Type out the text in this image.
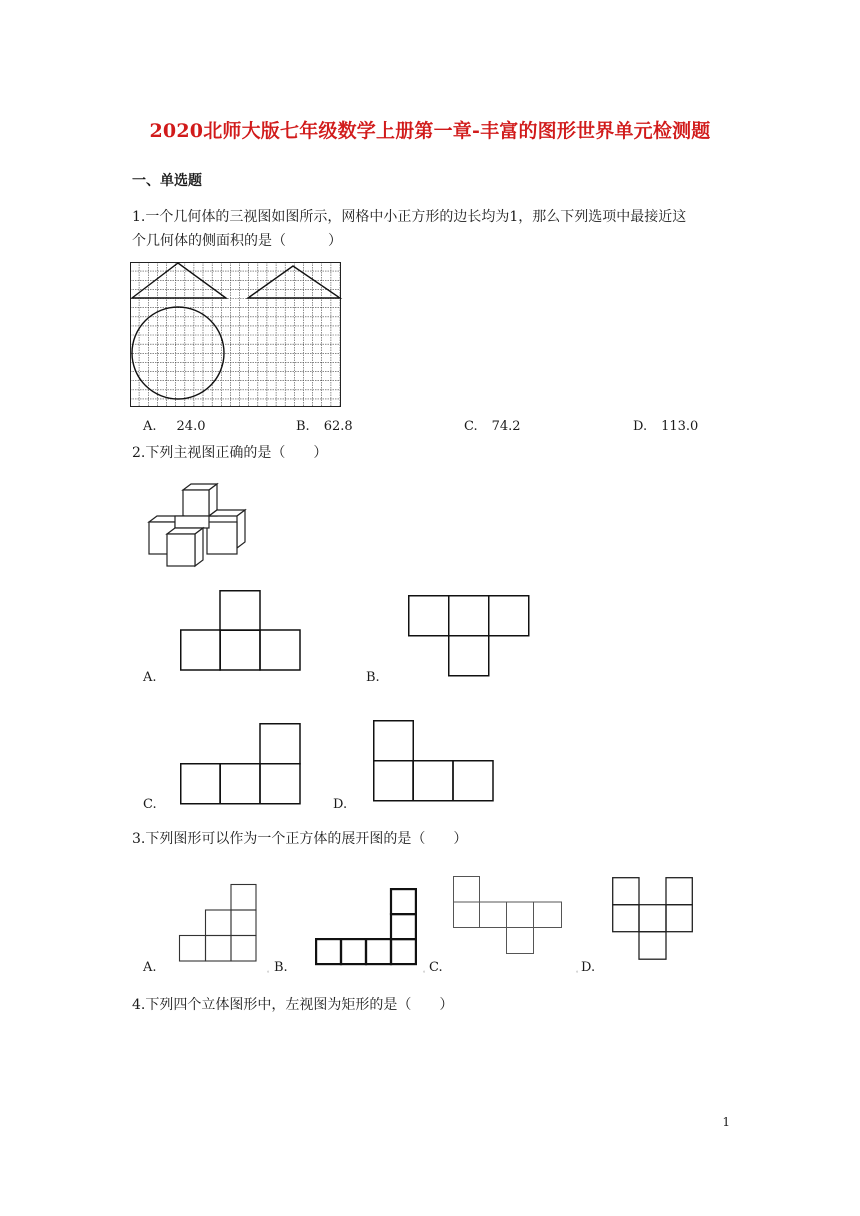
2020北师大版七年级数学上册第一章-丰富的图形世界单元检测题
一、单选题
1.一个几何体的三视图如图所示，网格中小正方形的边长均为1，那么下列选项中最接近这
个几何体的侧面积的是（　　　）
A. 24.0	B. 62.8	C. 74.2	D. 113.0
2.下列主视图正确的是（　　）
A.	B.
C.	D.
3.下列图形可以作为一个正方体的展开图的是（　　）
A.	。 B.	。 C.	。
D.
4.下列四个立体图形中，左视图为矩形的是（　　）
1
